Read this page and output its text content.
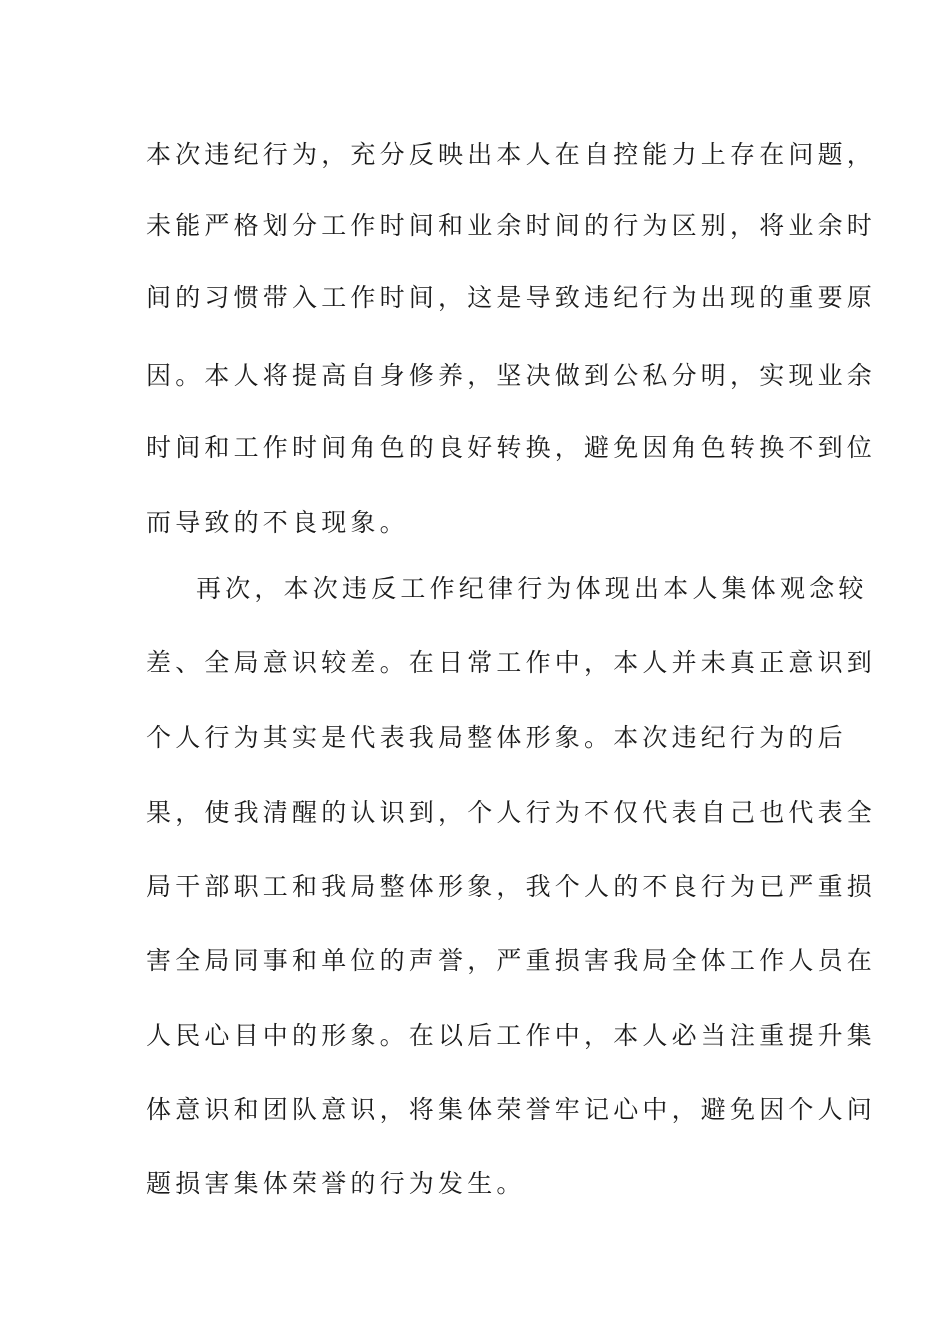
本次违纪行为，充分反映出本人在自控能力上存在问题，
未能严格划分工作时间和业余时间的行为区别，将业余时
间的习惯带入工作时间，这是导致违纪行为出现的重要原
因。本人将提高自身修养，坚决做到公私分明，实现业余
时间和工作时间角色的良好转换，避免因角色转换不到位
而导致的不良现象。
再次，本次违反工作纪律行为体现出本人集体观念较
差、全局意识较差。在日常工作中，本人并未真正意识到
个人行为其实是代表我局整体形象。本次违纪行为的后
果，使我清醒的认识到，个人行为不仅代表自己也代表全
局干部职工和我局整体形象，我个人的不良行为已严重损
害全局同事和单位的声誉，严重损害我局全体工作人员在
人民心目中的形象。在以后工作中，本人必当注重提升集
体意识和团队意识，将集体荣誉牢记心中，避免因个人问
题损害集体荣誉的行为发生。
